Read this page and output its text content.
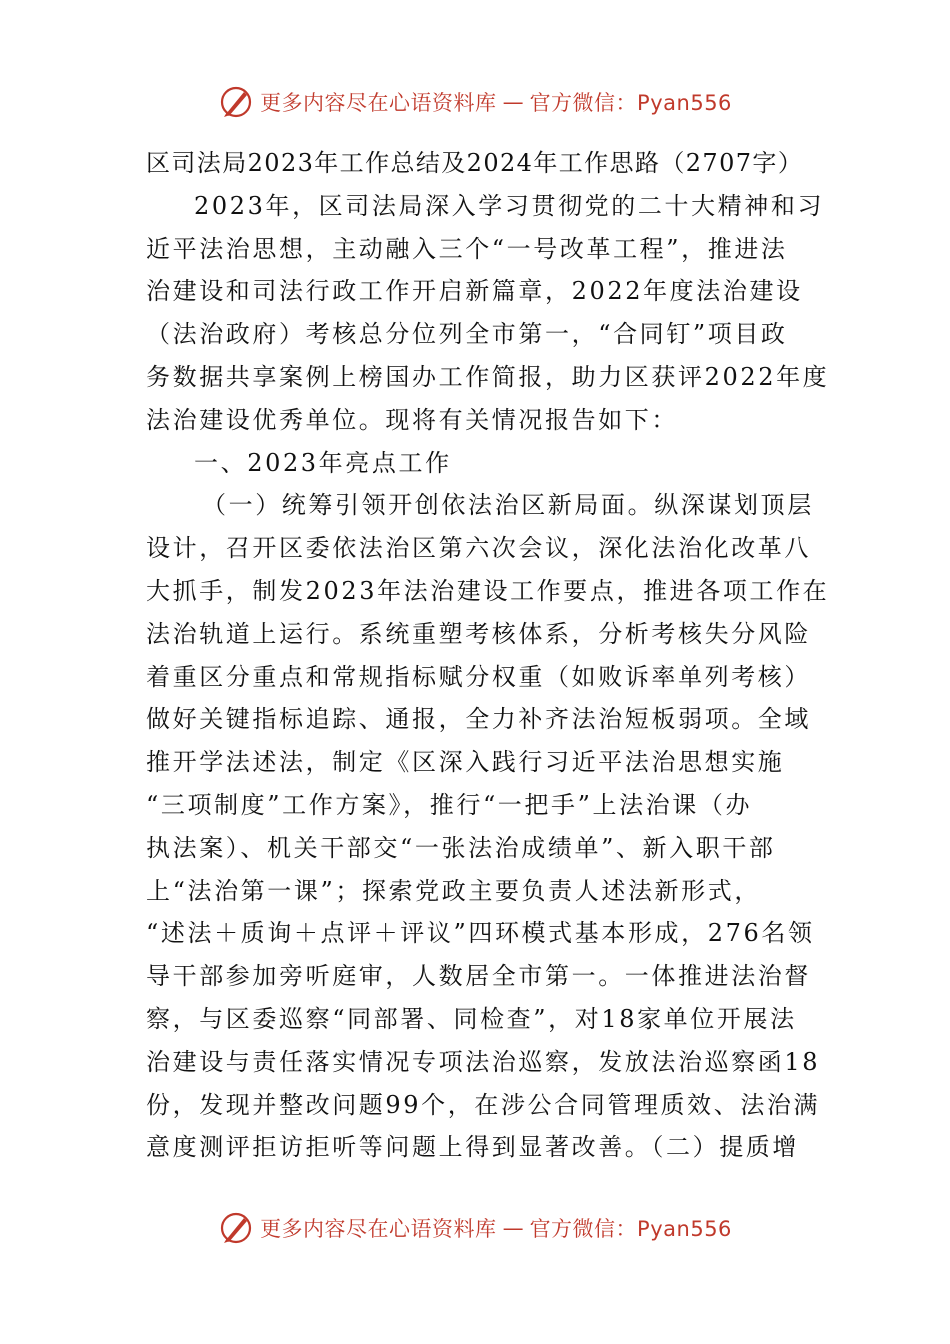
更多内容尽在心语资料库 — 官方微信：Pyan556
区司法局2023年工作总结及2024年工作思路（2707字）
2023年，区司法局深入学习贯彻党的二十大精神和习
近平法治思想，主动融入三个“一号改革工程”，推进法
治建设和司法行政工作开启新篇章，2022年度法治建设
（法治政府）考核总分位列全市第一，“合同钉”项目政
务数据共享案例上榜国办工作简报，助力区获评2022年度
法治建设优秀单位。现将有关情况报告如下：
一、2023年亮点工作
（一）统筹引领开创依法治区新局面。纵深谋划顶层
设计，召开区委依法治区第六次会议，深化法治化改革八
大抓手，制发2023年法治建设工作要点，推进各项工作在
法治轨道上运行。系统重塑考核体系，分析考核失分风险
着重区分重点和常规指标赋分权重（如败诉率单列考核）
做好关键指标追踪、通报，全力补齐法治短板弱项。全域
推开学法述法，制定《区深入践行习近平法治思想实施
“三项制度”工作方案》，推行“一把手”上法治课（办
执法案）、机关干部交“一张法治成绩单”、新入职干部
上“法治第一课”；探索党政主要负责人述法新形式，
“述法＋质询＋点评＋评议”四环模式基本形成，276名领
导干部参加旁听庭审，人数居全市第一。一体推进法治督
察，与区委巡察“同部署、同检查”，对18家单位开展法
治建设与责任落实情况专项法治巡察，发放法治巡察函18
份，发现并整改问题99个，在涉公合同管理质效、法治满
意度测评拒访拒听等问题上得到显著改善。（二）提质增
更多内容尽在心语资料库 — 官方微信：Pyan556
